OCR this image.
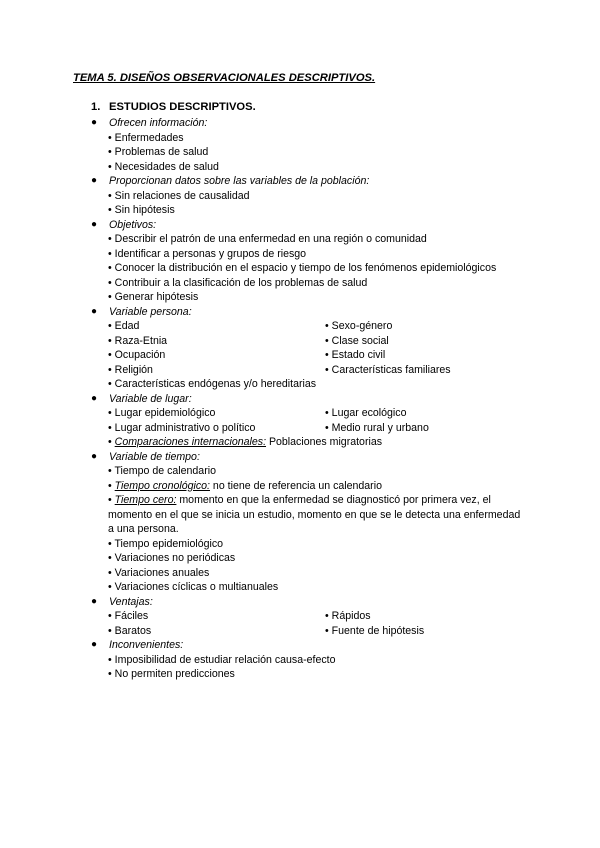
TEMA 5. DISEÑOS OBSERVACIONALES DESCRIPTIVOS.
1. ESTUDIOS DESCRIPTIVOS.
● Ofrecen información:
• Enfermedades
• Problemas de salud
• Necesidades de salud
● Proporcionan datos sobre las variables de la población:
• Sin relaciones de causalidad
• Sin hipótesis
● Objetivos:
• Describir el patrón de una enfermedad en una región o comunidad
• Identificar a personas y grupos de riesgo
• Conocer la distribución en el espacio y tiempo de los fenómenos epidemiológicos
• Contribuir a la clasificación de los problemas de salud
• Generar hipótesis
● Variable persona:
• Edad	• Sexo-género
• Raza-Etnia	• Clase social
• Ocupación	• Estado civil
• Religión	• Características familiares
• Características endógenas y/o hereditarias
● Variable de lugar:
• Lugar epidemiológico	• Lugar ecológico
• Lugar administrativo o político	• Medio rural y urbano
• Comparaciones internacionales: Poblaciones migratorias
● Variable de tiempo:
• Tiempo de calendario
• Tiempo cronológico: no tiene de referencia un calendario
• Tiempo cero: momento en que la enfermedad se diagnosticó por primera vez, el momento en el que se inicia un estudio, momento en que se le detecta una enfermedad a una persona.
• Tiempo epidemiológico
• Variaciones no periódicas
• Variaciones anuales
• Variaciones cíclicas o multianuales
● Ventajas:
• Fáciles	• Rápidos
• Baratos	• Fuente de hipótesis
● Inconvenientes:
• Imposibilidad de estudiar relación causa-efecto
• No permiten predicciones
